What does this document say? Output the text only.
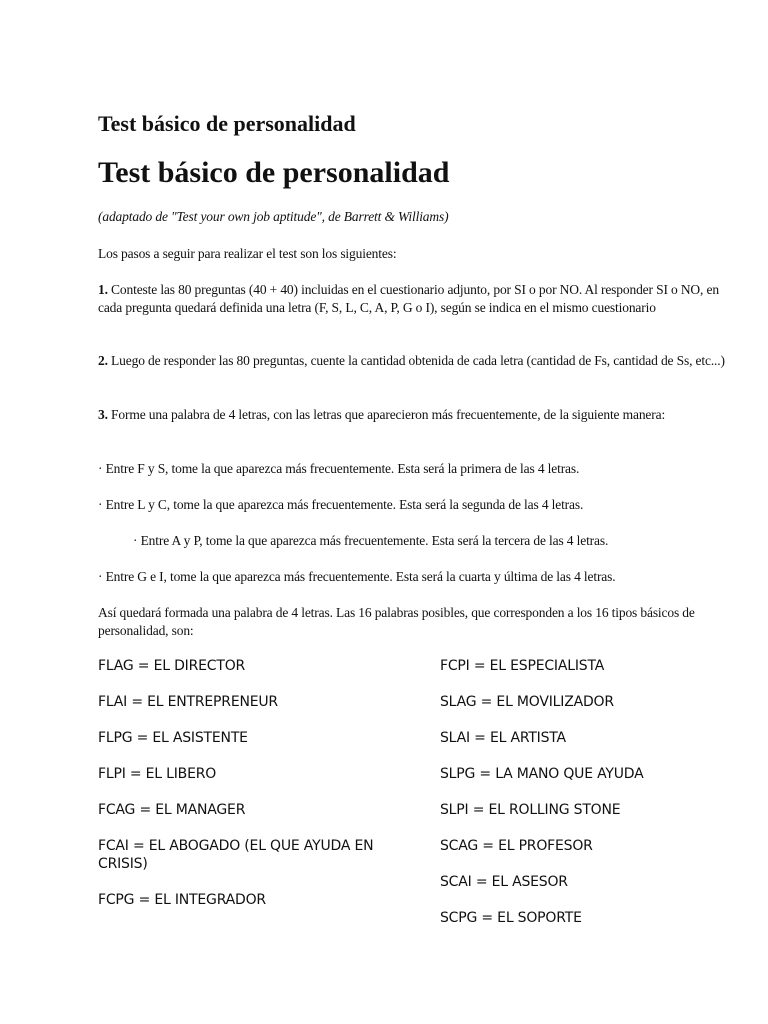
Test básico de personalidad
Test básico de personalidad

(adaptado de "Test your own job aptitude", de Barrett & Williams)

Los pasos a seguir para realizar el test son los siguientes:

1. Conteste las 80 preguntas (40 + 40) incluidas en el cuestionario adjunto, por SI o por NO. Al responder SI o NO, en cada pregunta quedará definida una letra (F, S, L, C, A, P, G o I), según se indica en el mismo cuestionario

2. Luego de responder las 80 preguntas, cuente la cantidad obtenida de cada letra (cantidad de Fs, cantidad de Ss, etc...)

3. Forme una palabra de 4 letras, con las letras que aparecieron más frecuentemente, de la siguiente manera:

· Entre F y S, tome la que aparezca más frecuentemente. Esta será la primera de las 4 letras.

· Entre L y C, tome la que aparezca más frecuentemente. Esta será la segunda de las 4 letras.

· Entre A y P, tome la que aparezca más frecuentemente. Esta será la tercera de las 4 letras.

· Entre G e I, tome la que aparezca más frecuentemente. Esta será la cuarta y última de las 4 letras.

Así quedará formada una palabra de 4 letras. Las 16 palabras posibles, que corresponden a los 16 tipos básicos de personalidad, son:

FLAG = EL DIRECTOR

FLAI = EL ENTREPRENEUR

FLPG = EL ASISTENTE

FLPI = EL LIBERO

FCAG = EL MANAGER

FCAI = EL ABOGADO (EL QUE AYUDA EN CRISIS)

FCPG = EL INTEGRADOR

FCPI = EL ESPECIALISTA

SLAG = EL MOVILIZADOR

SLAI = EL ARTISTA

SLPG = LA MANO QUE AYUDA

SLPI = EL ROLLING STONE

SCAG = EL PROFESOR

SCAI = EL ASESOR

SCPG = EL SOPORTE
